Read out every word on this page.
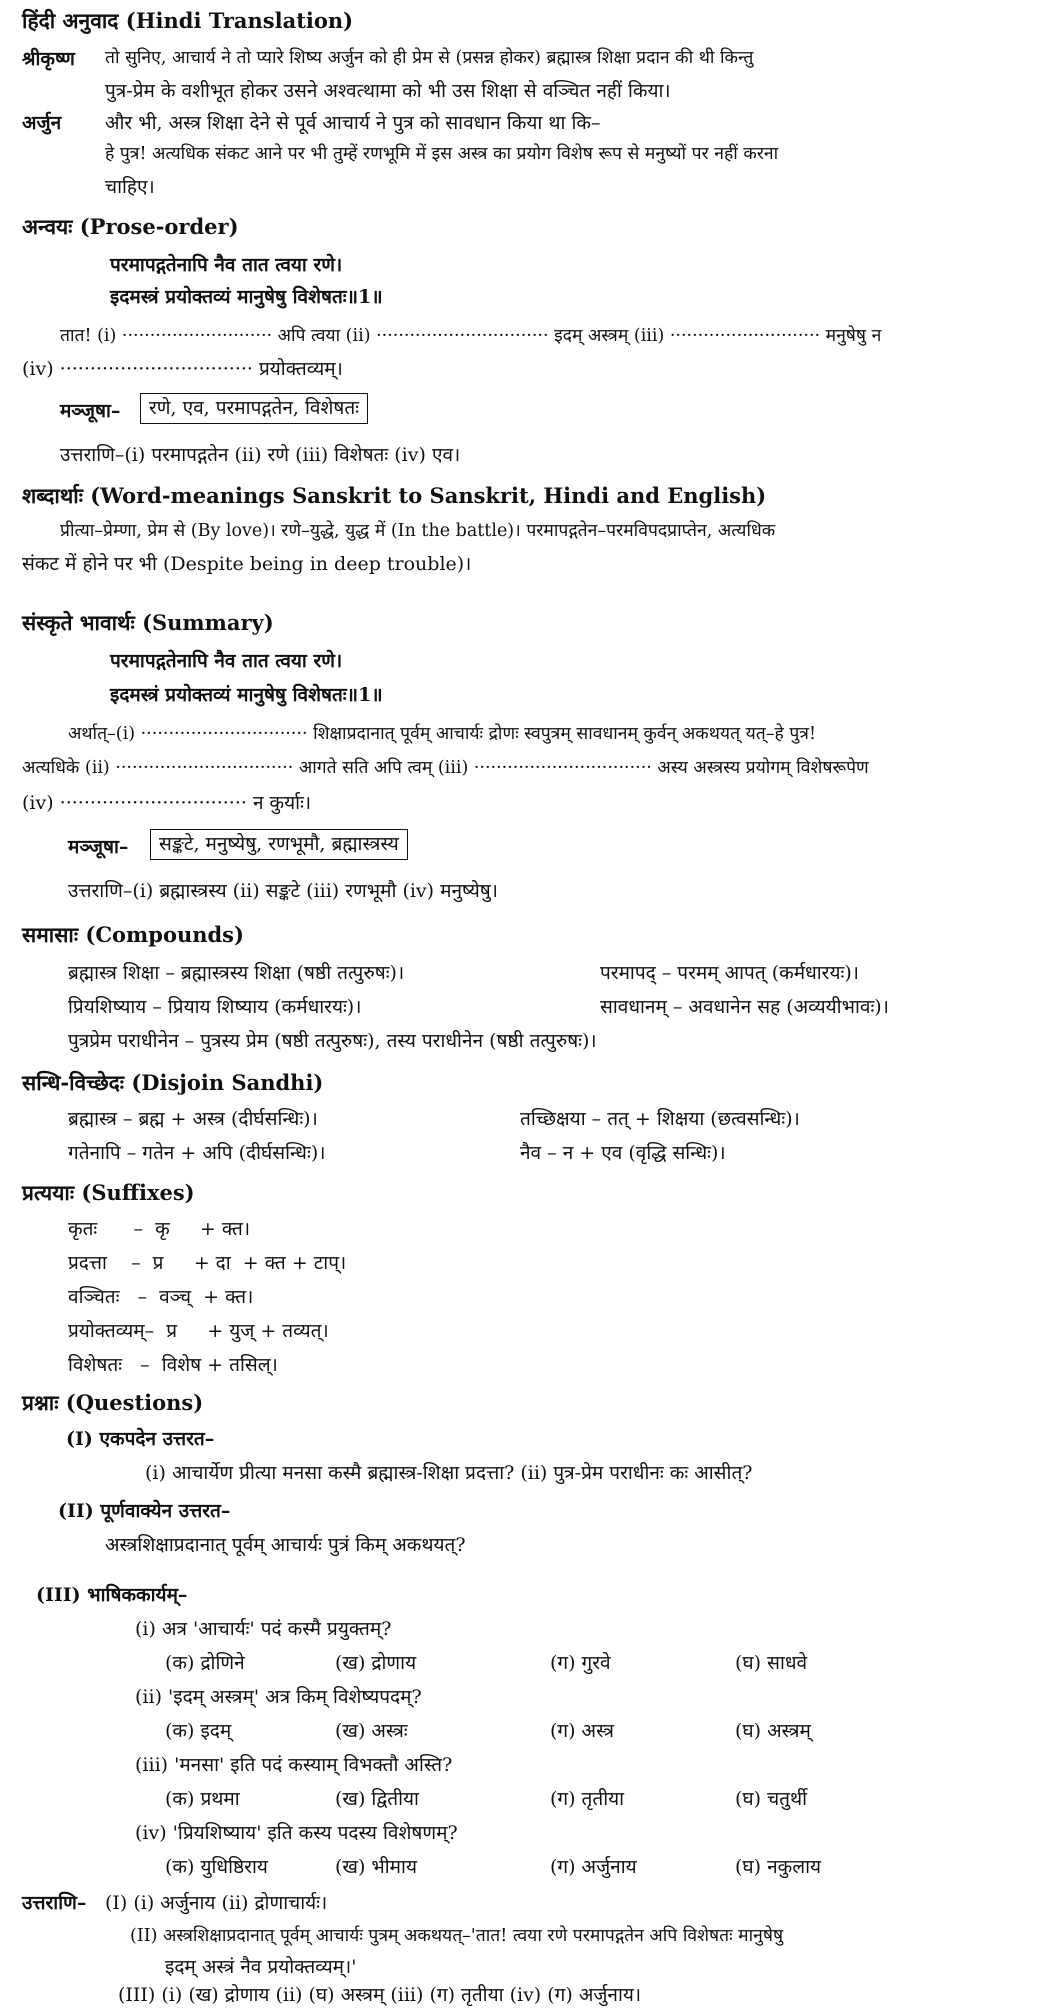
हिंदी अनुवाद (Hindi Translation)
श्रीकृष्ण तो सुनिए, आचार्य ने तो प्यारे शिष्य अर्जुन को ही प्रेम से (प्रसन्न होकर) ब्रह्मास्त्र शिक्षा प्रदान की थी किन्तु
पुत्र-प्रेम के वशीभूत होकर उसने अश्वत्थामा को भी उस शिक्षा से वञ्चित नहीं किया।
अर्जुन और भी, अस्त्र शिक्षा देने से पूर्व आचार्य ने पुत्र को सावधान किया था कि–
हे पुत्र! अत्यधिक संकट आने पर भी तुम्हें रणभूमि में इस अस्त्र का प्रयोग विशेष रूप से मनुष्यों पर नहीं करना
चाहिए।
अन्वयः (Prose-order)
परमापद्गतेनापि नैव तात त्वया रणे।
इदमस्त्रं प्रयोक्तव्यं मानुषेषु विशेषतः॥1॥
तात! (i) ··························· अपि त्वया (ii) ······························· इदम् अस्त्रम् (iii) ··························· मनुषेषु न
(iv) ································ प्रयोक्तव्यम्।
मञ्जूषा–	रणे, एव, परमापद्गतेन, विशेषतः
उत्तराणि–(i) परमापद्गतेन (ii) रणे (iii) विशेषतः (iv) एव।
शब्दार्थाः (Word-meanings Sanskrit to Sanskrit, Hindi and English)
प्रीत्या–प्रेम्णा, प्रेम से (By love)। रणे–युद्धे, युद्ध में (In the battle)। परमापद्गतेन–परमविपदप्राप्तेन, अत्यधिक
संकट में होने पर भी (Despite being in deep trouble)।
संस्कृते भावार्थः (Summary)
परमापद्गतेनापि नैव तात त्वया रणे।
इदमस्त्रं प्रयोक्तव्यं मानुषेषु विशेषतः॥1॥
अर्थात्–(i) ······························ शिक्षाप्रदानात् पूर्वम् आचार्यः द्रोणः स्वपुत्रम् सावधानम् कुर्वन् अकथयत् यत्–हे पुत्र!
अत्यधिके (ii) ································ आगते सति अपि त्वम् (iii) ································ अस्य अस्त्रस्य प्रयोगम् विशेषरूपेण
(iv) ······························· न कुर्याः।
मञ्जूषा–	सङ्कटे, मनुष्येषु, रणभूमौ, ब्रह्मास्त्रस्य
उत्तराणि–(i) ब्रह्मास्त्रस्य (ii) सङ्कटे (iii) रणभूमौ (iv) मनुष्येषु।
समासाः (Compounds)
ब्रह्मास्त्र शिक्षा – ब्रह्मास्त्रस्य शिक्षा (षष्ठी तत्पुरुषः)।	परमापद् – परमम् आपत् (कर्मधारयः)।
प्रियशिष्याय – प्रियाय शिष्याय (कर्मधारयः)।	सावधानम् – अवधानेन सह (अव्ययीभावः)।
पुत्रप्रेम पराधीनेन – पुत्रस्य प्रेम (षष्ठी तत्पुरुषः), तस्य पराधीनेन (षष्ठी तत्पुरुषः)।
सन्धि-विच्छेदः (Disjoin Sandhi)
ब्रह्मास्त्र – ब्रह्म + अस्त्र (दीर्घसन्धिः)।	तच्छिक्षया – तत् + शिक्षया (छत्वसन्धिः)।
गतेनापि – गतेन + अपि (दीर्घसन्धिः)।	नैव – न + एव (वृद्धि सन्धिः)।
प्रत्ययाः (Suffixes)
कृतः      –  कृ     + क्त।
प्रदत्ता    –  प्र     + दा  + क्त + टाप्।
वञ्चितः   –  वञ्च्  + क्त।
प्रयोक्तव्यम्–  प्र     + युज् + तव्यत्।
विशेषतः   –  विशेष + तसिल्।
प्रश्नाः (Questions)
(I) एकपदेन उत्तरत–
(i) आचार्येण प्रीत्या मनसा कस्मै ब्रह्मास्त्र-शिक्षा प्रदत्ता? (ii) पुत्र-प्रेम पराधीनः कः आसीत्?
(II) पूर्णवाक्येन उत्तरत–
अस्त्रशिक्षाप्रदानात् पूर्वम् आचार्यः पुत्रं किम् अकथयत्?
(III) भाषिककार्यम्–
(i) अत्र 'आचार्यः' पदं कस्मै प्रयुक्तम्?
(क) द्रोणिने	(ख) द्रोणाय	(ग) गुरवे	(घ) साधवे
(ii) 'इदम् अस्त्रम्' अत्र किम् विशेष्यपदम्?
(क) इदम्	(ख) अस्त्रः	(ग) अस्त्र	(घ) अस्त्रम्
(iii) 'मनसा' इति पदं कस्याम् विभक्तौ अस्ति?
(क) प्रथमा	(ख) द्वितीया	(ग) तृतीया	(घ) चतुर्थी
(iv) 'प्रियशिष्याय' इति कस्य पदस्य विशेषणम्?
(क) युधिष्ठिराय	(ख) भीमाय	(ग) अर्जुनाय	(घ) नकुलाय
उत्तराणि– (I) (i) अर्जुनाय (ii) द्रोणाचार्यः।
(II) अस्त्रशिक्षाप्रदानात् पूर्वम् आचार्यः पुत्रम् अकथयत्–'तात! त्वया रणे परमापद्गतेन अपि विशेषतः मानुषेषु
इदम् अस्त्रं नैव प्रयोक्तव्यम्।'
(III) (i) (ख) द्रोणाय (ii) (घ) अस्त्रम् (iii) (ग) तृतीया (iv) (ग) अर्जुनाय।
